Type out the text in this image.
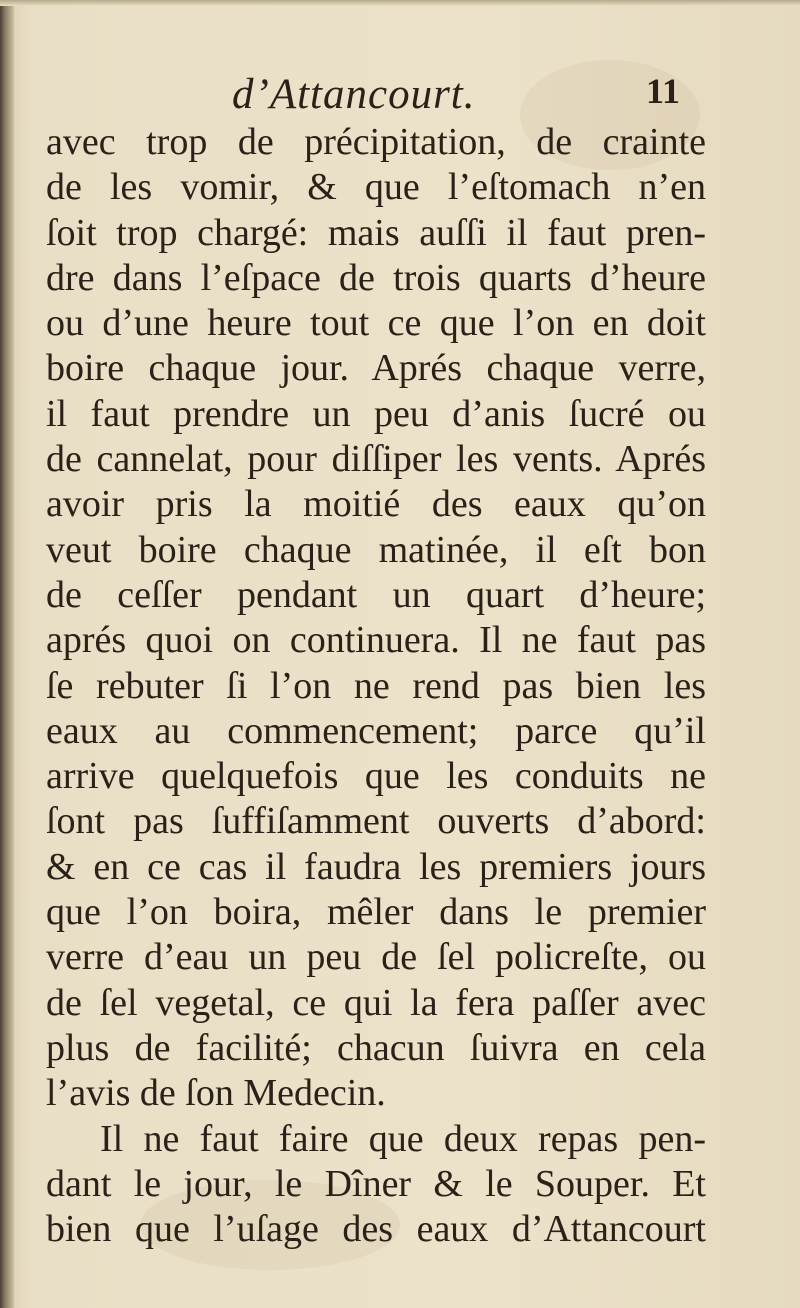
d’Attancourt.	11
avec trop de précipitation, de crainte
de les vomir, & que l’eſtomach n’en
ſoit trop chargé: mais auſſi il faut pren-
dre dans l’eſpace de trois quarts d’heure
ou d’une heure tout ce que l’on en doit
boire chaque jour. Aprés chaque verre,
il faut prendre un peu d’anis ſucré ou
de cannelat, pour diſſiper les vents. Aprés
avoir pris la moitié des eaux qu’on
veut boire chaque matinée, il eſt bon
de ceſſer pendant un quart d’heure;
aprés quoi on continuera. Il ne faut pas
ſe rebuter ſi l’on ne rend pas bien les
eaux au commencement; parce qu’il
arrive quelquefois que les conduits ne
ſont pas ſuffiſamment ouverts d’abord:
& en ce cas il faudra les premiers jours
que l’on boira, mêler dans le premier
verre d’eau un peu de ſel policreſte, ou
de ſel vegetal, ce qui la fera paſſer avec
plus de facilité; chacun ſuivra en cela
l’avis de ſon Medecin.
Il ne faut faire que deux repas pen-
dant le jour, le Dîner & le Souper. Et
bien que l’uſage des eaux d’Attancourt
